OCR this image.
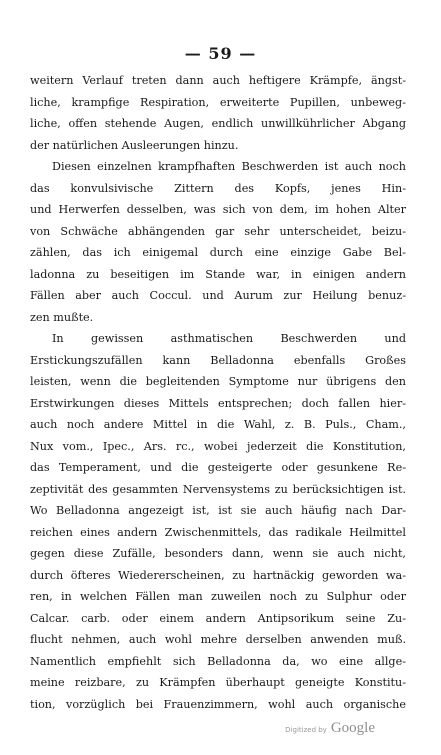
— 59 —
weitern Verlauf treten dann auch heftigere Krämpfe, ängst-
liche, krampfige Respiration, erweiterte Pupillen, unbeweg-
liche, offen stehende Augen, endlich unwillkührlicher Abgang
der natürlichen Ausleerungen hinzu.
Diesen einzelnen krampfhaften Beschwerden ist auch noch
das konvulsivische Zittern des Kopfs, jenes Hin-
und Herwerfen desselben, was sich von dem, im hohen Alter
von Schwäche abhängenden gar sehr unterscheidet, beizu-
zählen, das ich einigemal durch eine einzige Gabe Bel-
ladonna zu beseitigen im Stande war, in einigen andern
Fällen aber auch Coccul. und Aurum zur Heilung benuz-
zen mußte.
In gewissen asthmatischen Beschwerden und
Erstickungszufällen kann Belladonna ebenfalls Großes
leisten, wenn die begleitenden Symptome nur übrigens den
Erstwirkungen dieses Mittels entsprechen; doch fallen hier-
auch noch andere Mittel in die Wahl, z. B. Puls., Cham.,
Nux vom., Ipec., Ars. rc., wobei jederzeit die Konstitution,
das Temperament, und die gesteigerte oder gesunkene Re-
zeptivität des gesammten Nervensystems zu berücksichtigen ist.
Wo Belladonna angezeigt ist, ist sie auch häufig nach Dar-
reichen eines andern Zwischenmittels, das radikale Heilmittel
gegen diese Zufälle, besonders dann, wenn sie auch nicht,
durch öfteres Wiedererscheinen, zu hartnäckig geworden wa-
ren, in welchen Fällen man zuweilen noch zu Sulphur oder
Calcar. carb. oder einem andern Antipsorikum seine Zu-
flucht nehmen, auch wohl mehre derselben anwenden muß.
Namentlich empfiehlt sich Belladonna da, wo eine allge-
meine reizbare, zu Krämpfen überhaupt geneigte Konstitu-
tion, vorzüglich bei Frauenzimmern, wohl auch organische
Digitized by Google
